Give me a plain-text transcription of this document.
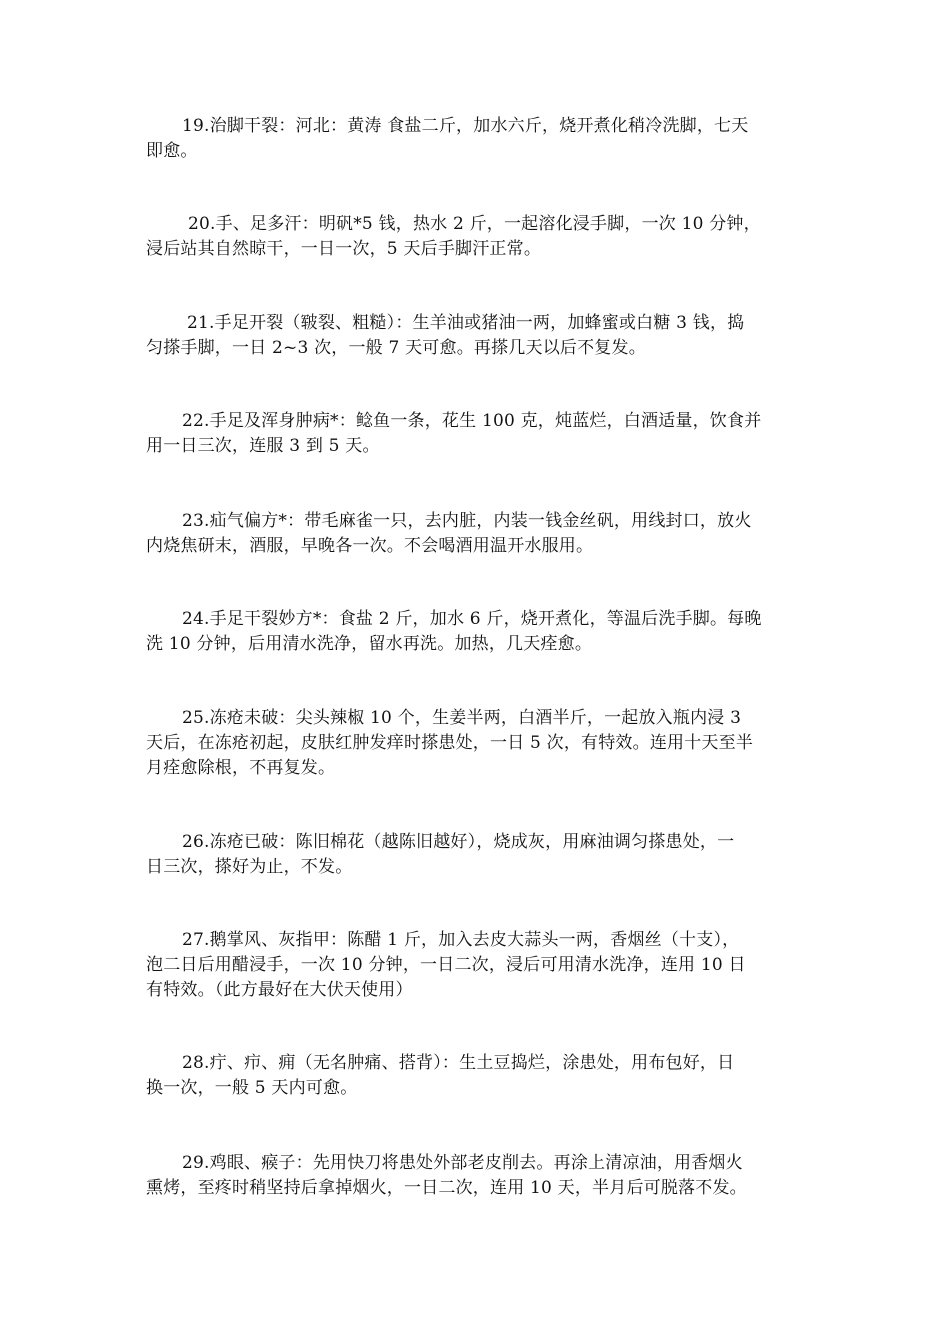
19.治脚干裂：河北：黄涛 食盐二斤，加水六斤，烧开煮化稍冷洗脚，七天
即愈。

20.手、足多汗：明矾*5 钱，热水 2 斤，一起溶化浸手脚，一次 10 分钟，
浸后站其自然晾干，一日一次，5 天后手脚汗正常。

21.手足开裂（皲裂、粗糙）：生羊油或猪油一两，加蜂蜜或白糖 3 钱，捣
匀搽手脚，一日 2~3 次，一般 7 天可愈。再搽几天以后不复发。

22.手足及浑身肿病*：鲶鱼一条，花生 100 克，炖蓝烂，白酒适量，饮食并
用一日三次，连服 3 到 5 天。

23.疝气偏方*：带毛麻雀一只，去内脏，内装一钱金丝矾，用线封口，放火
内烧焦研末，酒服，早晚各一次。不会喝酒用温开水服用。

24.手足干裂妙方*：食盐 2 斤，加水 6 斤，烧开煮化，等温后洗手脚。每晚
洗 10 分钟，后用清水洗净，留水再洗。加热，几天痊愈。

25.冻疮未破：尖头辣椒 10 个，生姜半两，白酒半斤，一起放入瓶内浸 3
天后，在冻疮初起，皮肤红肿发痒时搽患处，一日 5 次，有特效。连用十天至半
月痊愈除根，不再复发。

26.冻疮已破：陈旧棉花（越陈旧越好），烧成灰，用麻油调匀搽患处，一
日三次，搽好为止，不发。

27.鹅掌风、灰指甲：陈醋 1 斤，加入去皮大蒜头一两，香烟丝（十支），
泡二日后用醋浸手，一次 10 分钟，一日二次，浸后可用清水洗净，连用 10 日
有特效。（此方最好在大伏天使用）

28.疔、疖、痈（无名肿痛、搭背）：生土豆捣烂，涂患处，用布包好，日
换一次，一般 5 天内可愈。

29.鸡眼、瘊子：先用快刀将患处外部老皮削去。再涂上清凉油，用香烟火
熏烤，至疼时稍坚持后拿掉烟火，一日二次，连用 10 天，半月后可脱落不发。
